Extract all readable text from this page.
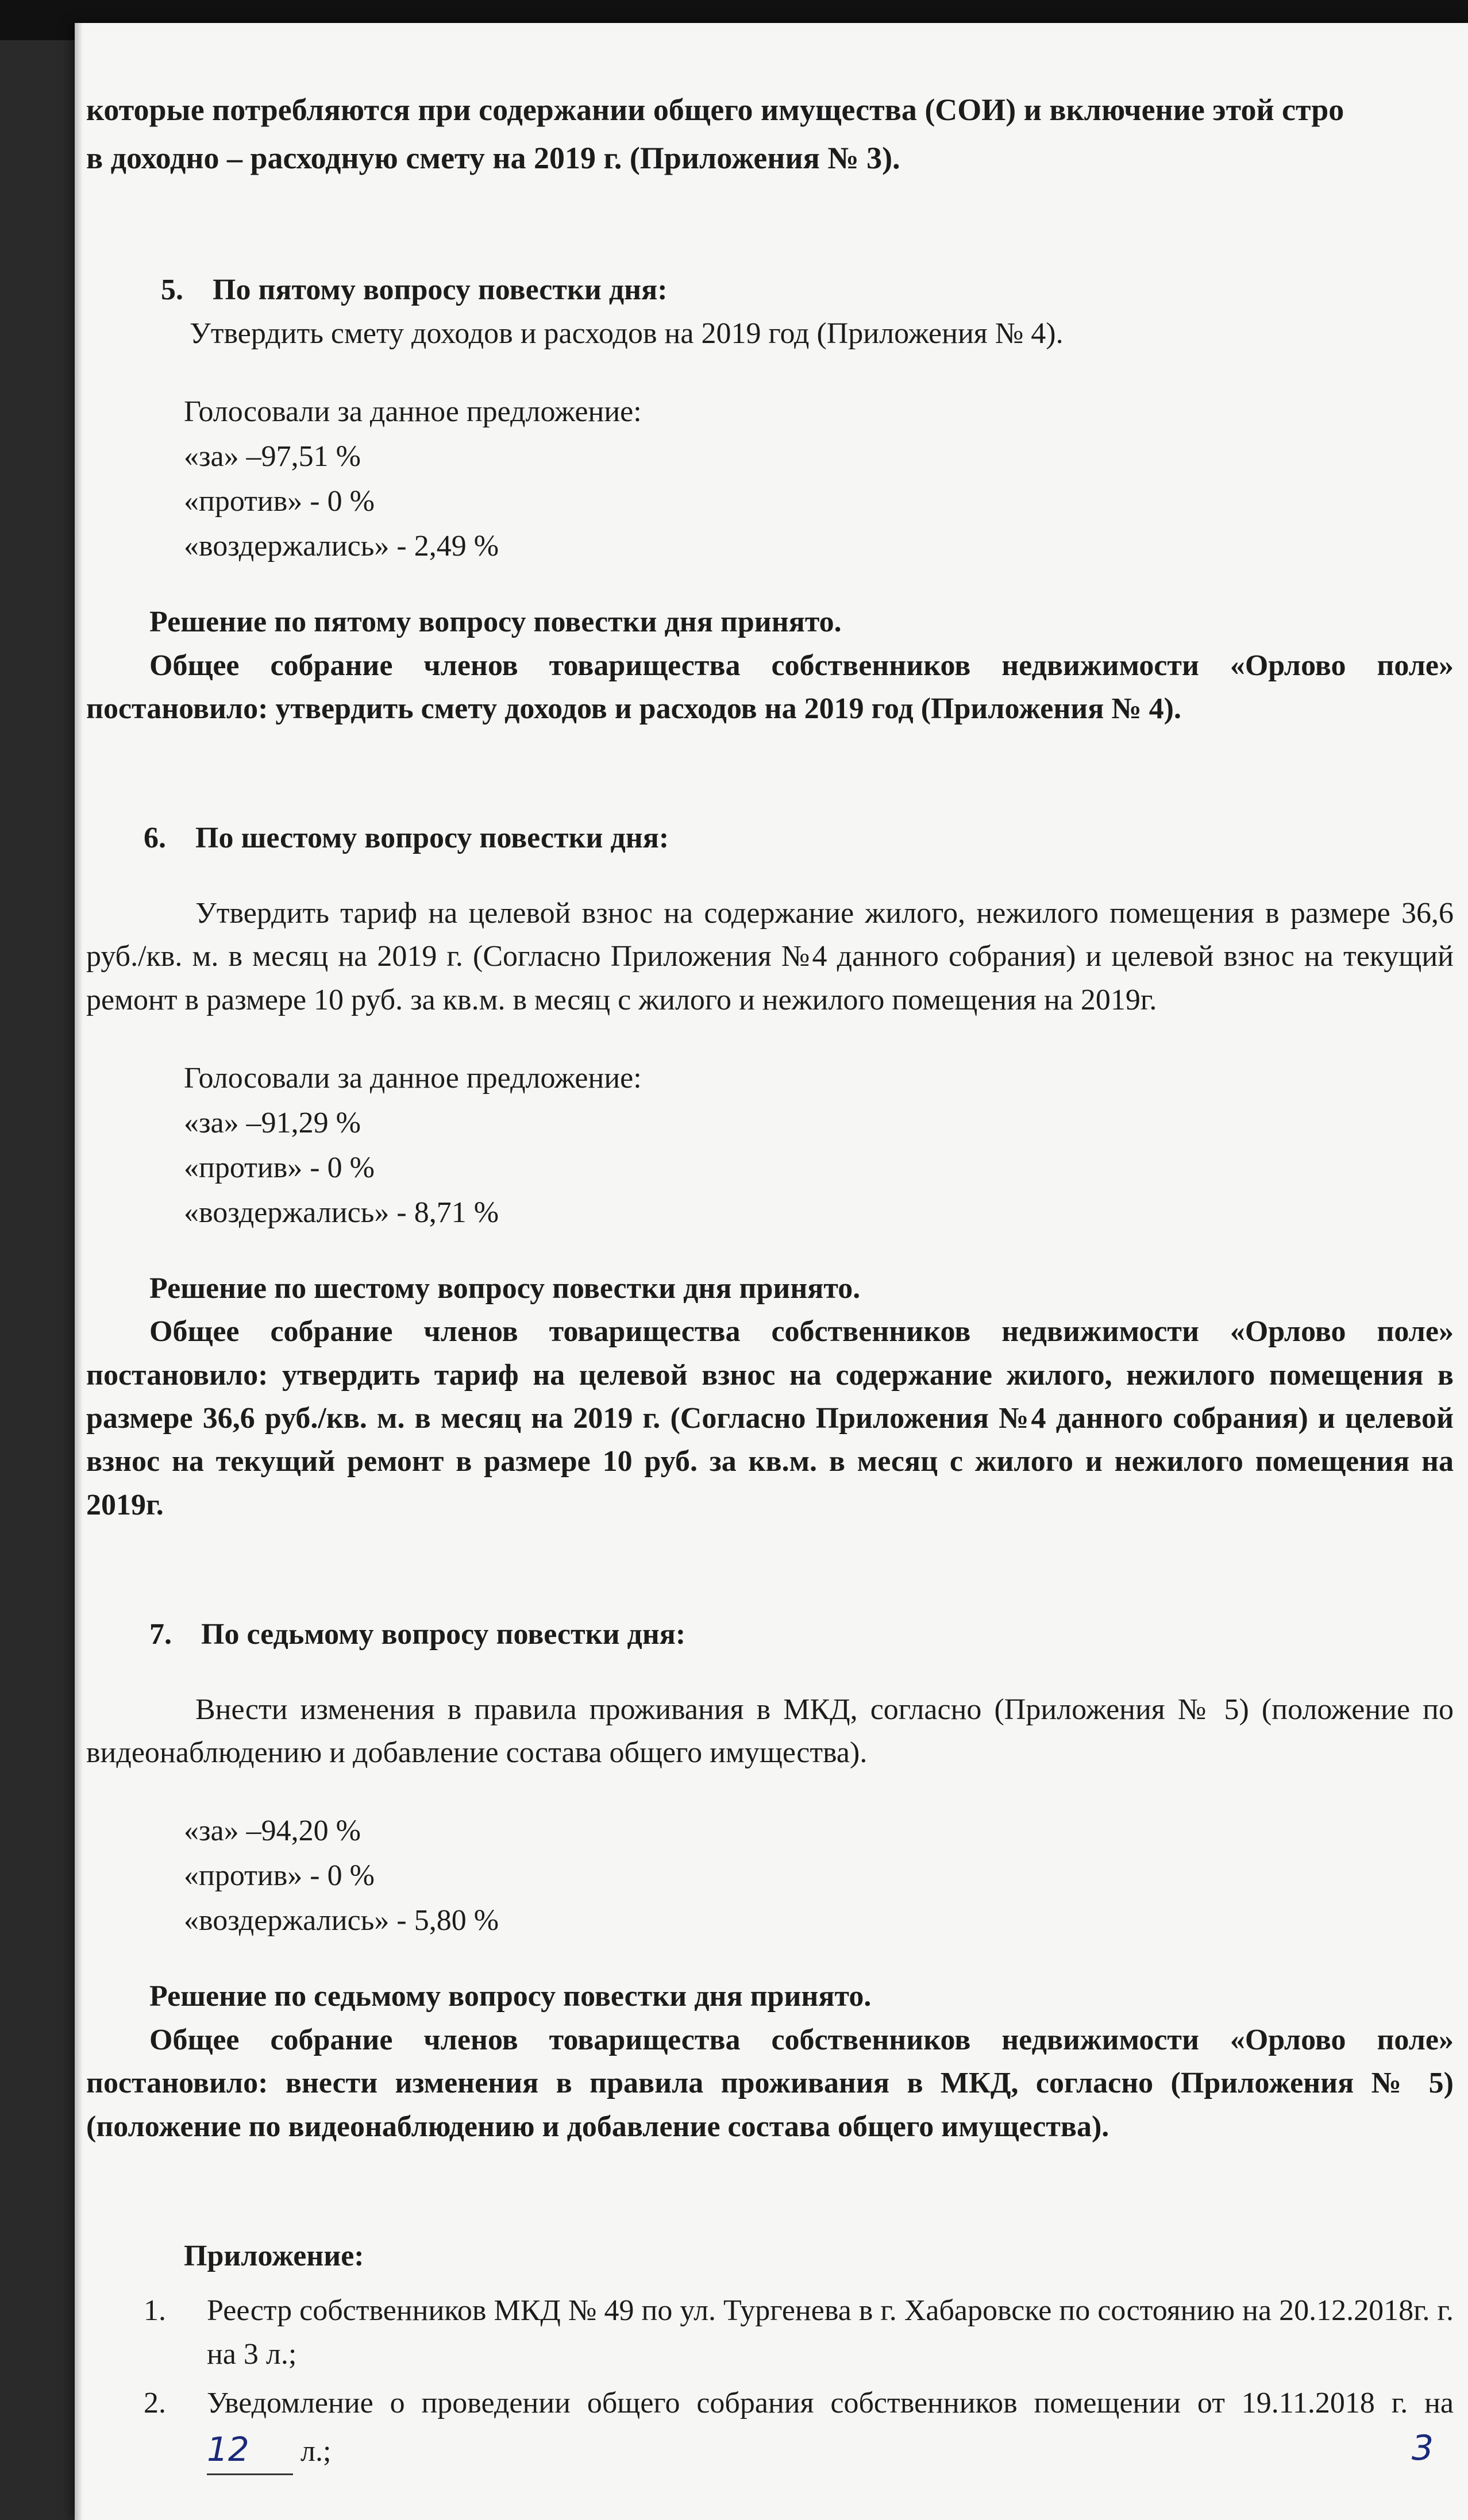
которые потребляются при содержании общего имущества (СОИ) и включение этой стро

в доходно – расходную смету на 2019 г. (Приложения № 3).

5. По пятому вопросу повестки дня:

Утвердить смету доходов и расходов на 2019 год (Приложения № 4).

Голосовали за данное предложение:

«за» –97,51 %

«против» - 0 %

«воздержались» - 2,49 %

Решение по пятому вопросу повестки дня принято.

Общее собрание членов товарищества собственников недвижимости «Орлово поле» постановило: утвердить смету доходов и расходов на 2019 год (Приложения № 4).

6. По шестому вопросу повестки дня:

Утвердить тариф на целевой взнос на содержание жилого, нежилого помещения в размере 36,6 руб./кв. м. в месяц на 2019 г. (Согласно Приложения №4 данного собрания) и целевой взнос на текущий ремонт в размере 10 руб. за кв.м. в месяц с жилого и нежилого помещения на 2019г.

Голосовали за данное предложение:

«за» –91,29 %

«против» - 0 %

«воздержались» - 8,71 %

Решение по шестому вопросу повестки дня принято.

Общее собрание членов товарищества собственников недвижимости «Орлово поле» постановило: утвердить тариф на целевой взнос на содержание жилого, нежилого помещения в размере 36,6 руб./кв. м. в месяц на 2019 г. (Согласно Приложения №4 данного собрания) и целевой взнос на текущий ремонт в размере 10 руб. за кв.м. в месяц с жилого и нежилого помещения на 2019г.

7. По седьмому вопросу повестки дня:

Внести изменения в правила проживания в МКД, согласно (Приложения № 5) (положение по видеонаблюдению и добавление состава общего имущества).

«за» –94,20 %

«против» - 0 %

«воздержались» - 5,80 %

Решение по седьмому вопросу повестки дня принято.

Общее собрание членов товарищества собственников недвижимости «Орлово поле» постановило: внести изменения в правила проживания в МКД, согласно (Приложения № 5) (положение по видеонаблюдению и добавление состава общего имущества).

Приложение:

1. Реестр собственников МКД № 49 по ул. Тургенева в г. Хабаровске по состоянию на 20.12.2018г. г. на 3 л.;
2. Уведомление о проведении общего собрания собственников помещении от 19.11.2018 г. на 12 л.;	3
